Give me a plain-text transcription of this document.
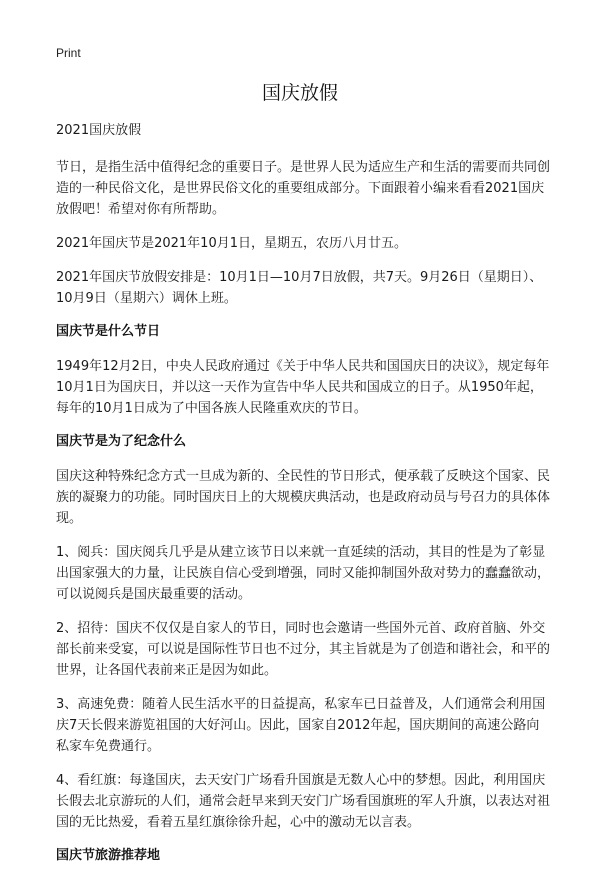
Print
国庆放假

2021国庆放假

节日，是指生活中值得纪念的重要日子。是世界人民为适应生产和生活的需要而共同创造的一种民俗文化，是世界民俗文化的重要组成部分。下面跟着小编来看看2021国庆放假吧！希望对你有所帮助。

2021年国庆节是2021年10月1日，星期五，农历八月廿五。

2021年国庆节放假安排是：10月1日—10月7日放假，共7天。9月26日（星期日）、10月9日（星期六）调休上班。

国庆节是什么节日

1949年12月2日，中央人民政府通过《关于中华人民共和国国庆日的决议》，规定每年10月1日为国庆日，并以这一天作为宣告中华人民共和国成立的日子。从1950年起，每年的10月1日成为了中国各族人民隆重欢庆的节日。

国庆节是为了纪念什么

国庆这种特殊纪念方式一旦成为新的、全民性的节日形式，便承载了反映这个国家、民族的凝聚力的功能。同时国庆日上的大规模庆典活动，也是政府动员与号召力的具体体现。

1、阅兵：国庆阅兵几乎是从建立该节日以来就一直延续的活动，其目的性是为了彰显出国家强大的力量，让民族自信心受到增强，同时又能抑制国外敌对势力的蠢蠢欲动，可以说阅兵是国庆最重要的活动。

2、招待：国庆不仅仅是自家人的节日，同时也会邀请一些国外元首、政府首脑、外交部长前来受宴，可以说是国际性节日也不过分，其主旨就是为了创造和谐社会，和平的世界，让各国代表前来正是因为如此。

3、高速免费：随着人民生活水平的日益提高，私家车已日益普及，人们通常会利用国庆7天长假来游览祖国的大好河山。因此，国家自2012年起，国庆期间的高速公路向私家车免费通行。

4、看红旗：每逢国庆，去天安门广场看升国旗是无数人心中的梦想。因此，利用国庆长假去北京游玩的人们，通常会赶早来到天安门广场看国旗班的军人升旗，以表达对祖国的无比热爱，看着五星红旗徐徐升起，心中的激动无以言表。

国庆节旅游推荐地
